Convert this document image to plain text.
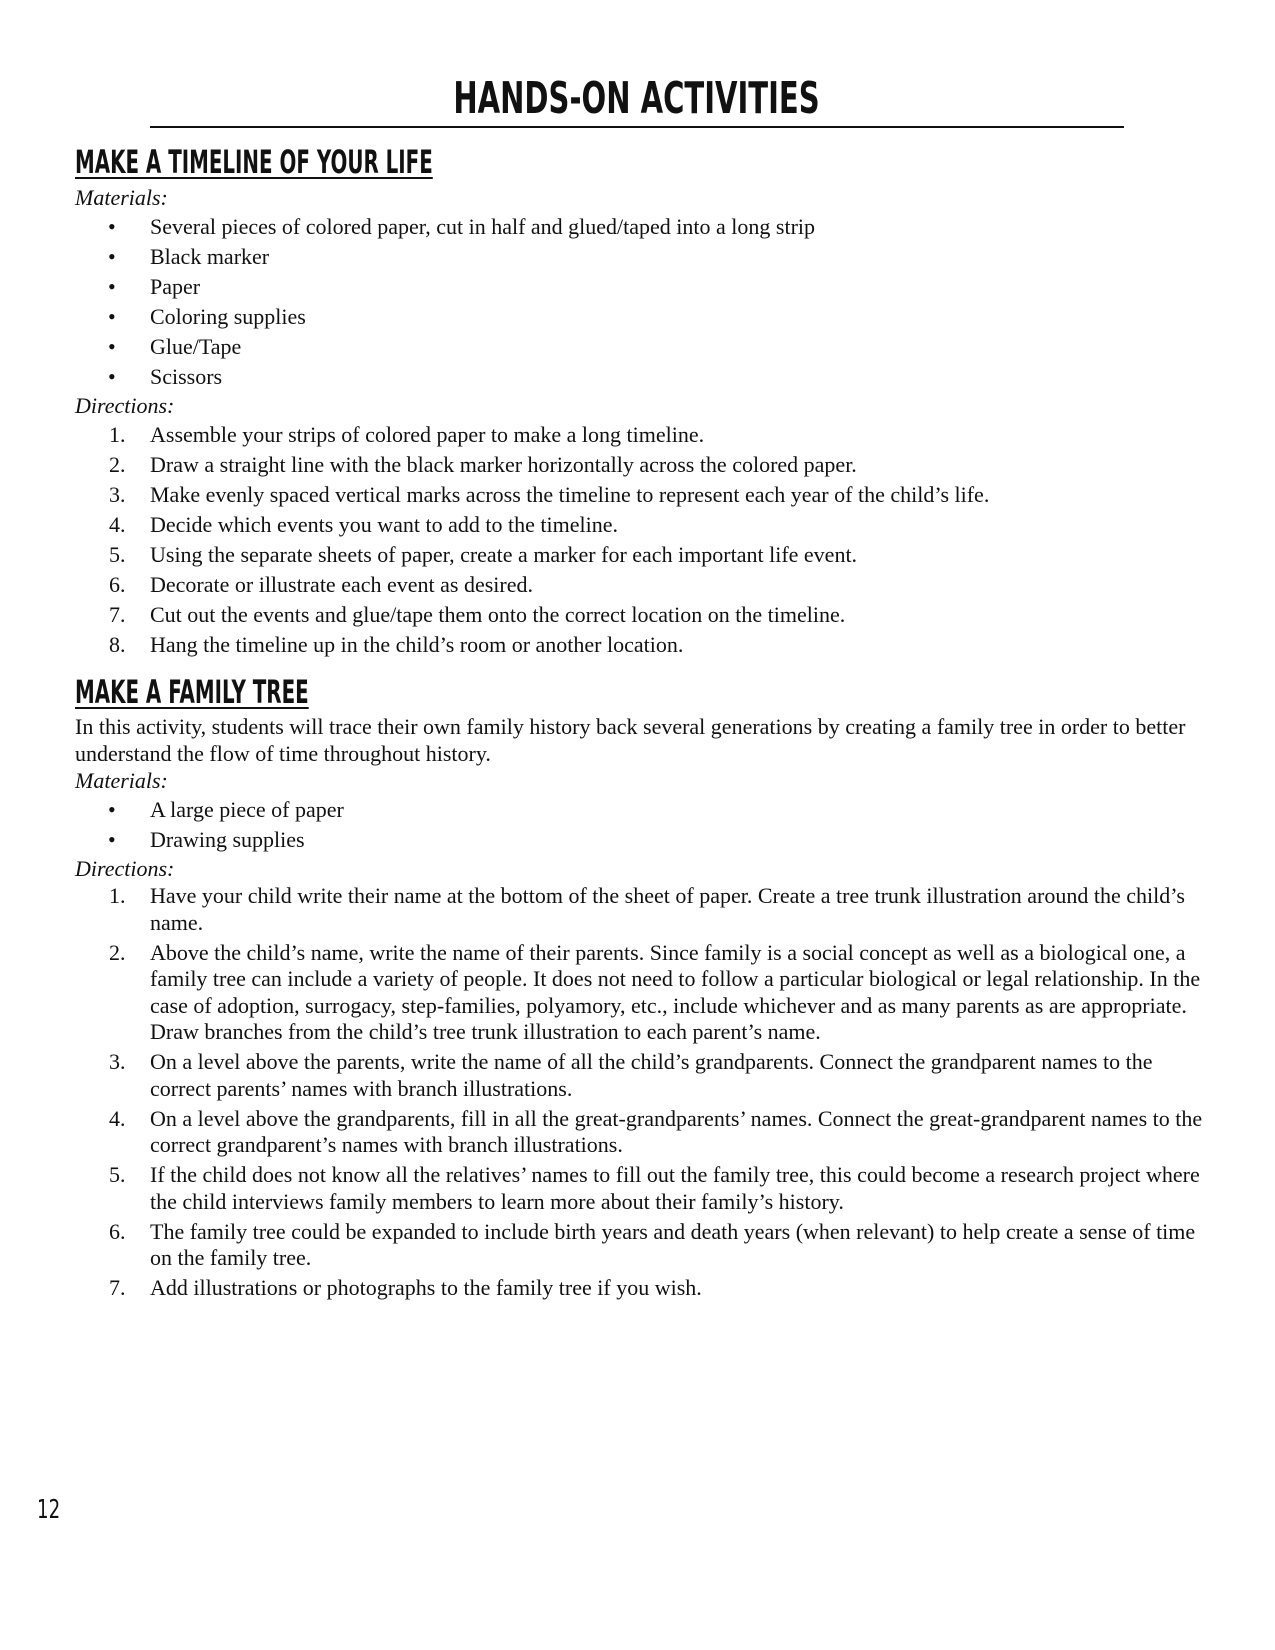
HANDS-ON ACTIVITIES
MAKE A TIMELINE OF YOUR LIFE

Materials:

• Several pieces of colored paper, cut in half and glued/taped into a long strip
• Black marker
• Paper
• Coloring supplies
• Glue/Tape
• Scissors

Directions:

1. Assemble your strips of colored paper to make a long timeline.
2. Draw a straight line with the black marker horizontally across the colored paper.
3. Make evenly spaced vertical marks across the timeline to represent each year of the child’s life.
4. Decide which events you want to add to the timeline.
5. Using the separate sheets of paper, create a marker for each important life event.
6. Decorate or illustrate each event as desired.
7. Cut out the events and glue/tape them onto the correct location on the timeline.
8. Hang the timeline up in the child’s room or another location.
MAKE A FAMILY TREE

In this activity, students will trace their own family history back several generations by creating a family tree in order to better understand the flow of time throughout history.

Materials:

• A large piece of paper
• Drawing supplies

Directions:

1. Have your child write their name at the bottom of the sheet of paper. Create a tree trunk illustration around the child’s name.
2. Above the child’s name, write the name of their parents. Since family is a social concept as well as a biological one, a family tree can include a variety of people. It does not need to follow a particular biological or legal relationship. In the case of adoption, surrogacy, step-families, polyamory, etc., include whichever and as many parents as are appropriate. Draw branches from the child’s tree trunk illustration to each parent’s name.
3. On a level above the parents, write the name of all the child’s grandparents. Connect the grandparent names to the correct parents’ names with branch illustrations.
4. On a level above the grandparents, fill in all the great-grandparents’ names. Connect the great-grandparent names to the correct grandparent’s names with branch illustrations.
5. If the child does not know all the relatives’ names to fill out the family tree, this could become a research project where the child interviews family members to learn more about their family’s history.
6. The family tree could be expanded to include birth years and death years (when relevant) to help create a sense of time on the family tree.
7. Add illustrations or photographs to the family tree if you wish.
12
